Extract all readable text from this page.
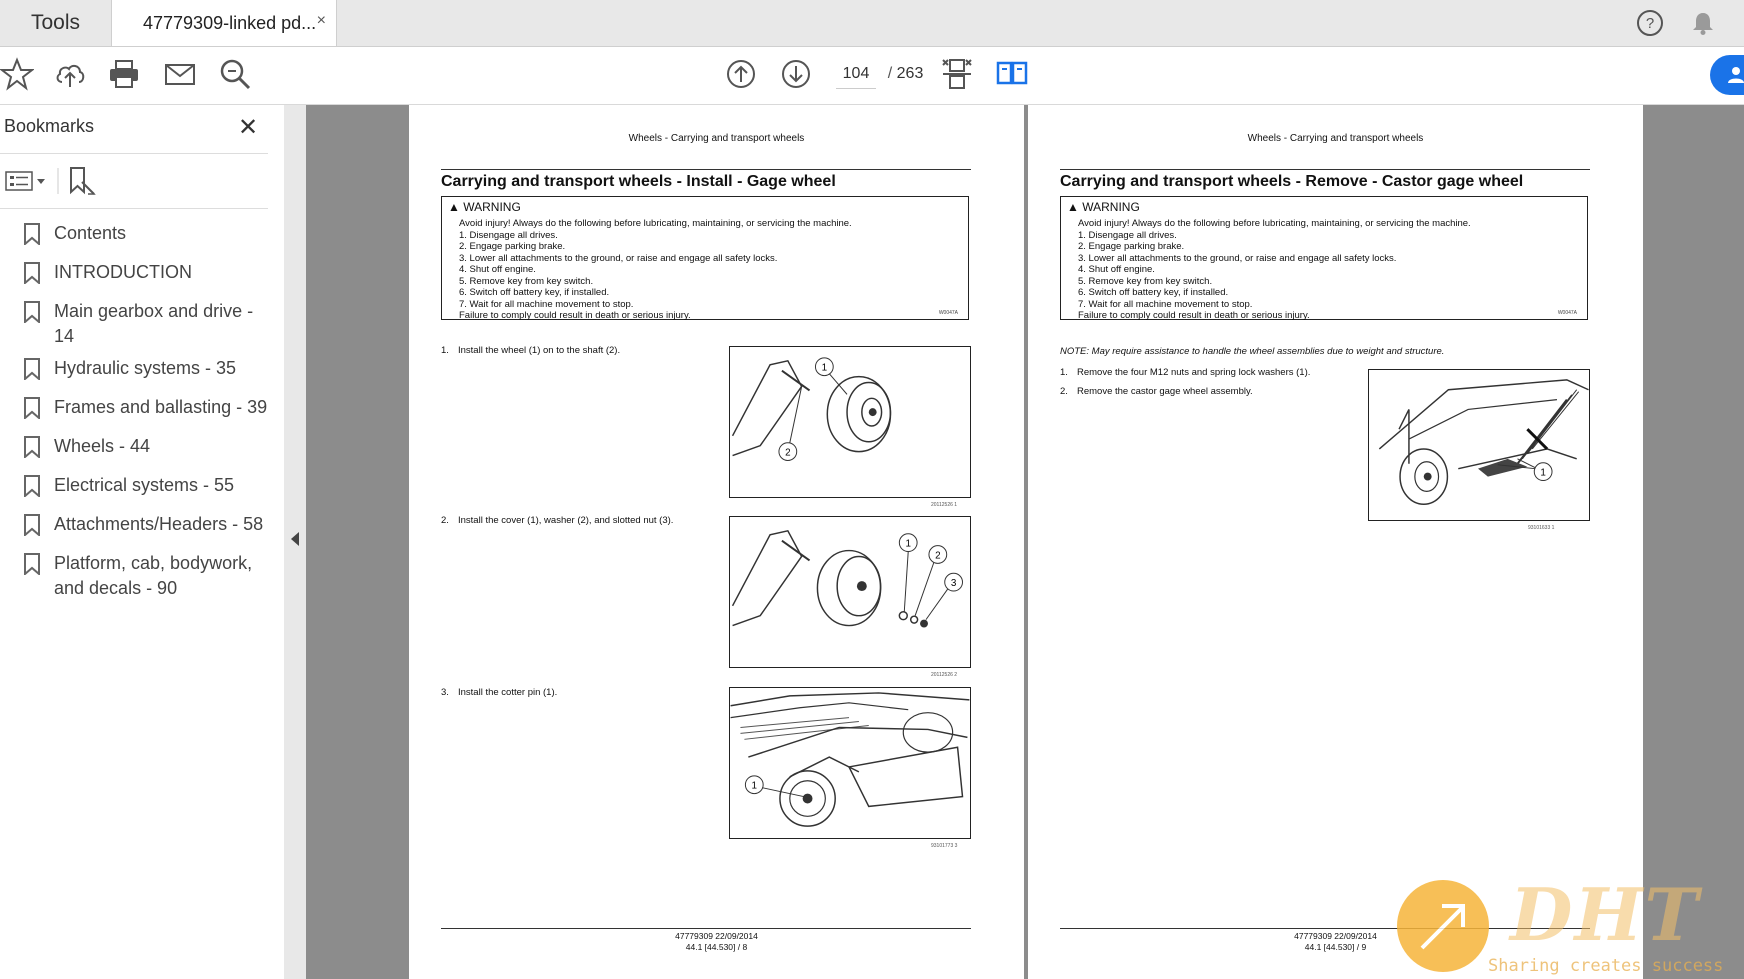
Tools	47779309-linked pd... ×	?
104	/ 263
Bookmarks	✕
Contents
INTRODUCTION
Main gearbox and drive - 14
Hydraulic systems - 35
Frames and ballasting - 39
Wheels - 44
Electrical systems - 55
Attachments/Headers - 58
Platform, cab, bodywork, and decals - 90
Wheels - Carrying and transport wheels
Carrying and transport wheels - Install - Gage wheel
▲ WARNING
Avoid injury! Always do the following before lubricating, maintaining, or servicing the machine.
1. Disengage all drives.
2. Engage parking brake.
3. Lower all attachments to the ground, or raise and engage all safety locks.
4. Shut off engine.
5. Remove key from key switch.
6. Switch off battery key, if installed.
7. Wait for all machine movement to stop.
Failure to comply could result in death or serious injury.	W0047A
1. Install the wheel (1) on to the shaft (2).
1
2
20112526 1
2. Install the cover (1), washer (2), and slotted nut (3).
1
2
3
20112526 2
3. Install the cotter pin (1).
1
93101773 3
47779309 22/09/2014
44.1 [44.530] / 8
Wheels - Carrying and transport wheels
Carrying and transport wheels - Remove - Castor gage wheel
▲ WARNING
Avoid injury! Always do the following before lubricating, maintaining, or servicing the machine.
1. Disengage all drives.
2. Engage parking brake.
3. Lower all attachments to the ground, or raise and engage all safety locks.
4. Shut off engine.
5. Remove key from key switch.
6. Switch off battery key, if installed.
7. Wait for all machine movement to stop.
Failure to comply could result in death or serious injury.	W0047A
NOTE: May require assistance to handle the wheel assemblies due to weight and structure.
1. Remove the four M12 nuts and spring lock washers (1).
2. Remove the castor gage wheel assembly.
1
93101633 1
47779309 22/09/2014
44.1 [44.530] / 9	DHT
Sharing creates success
